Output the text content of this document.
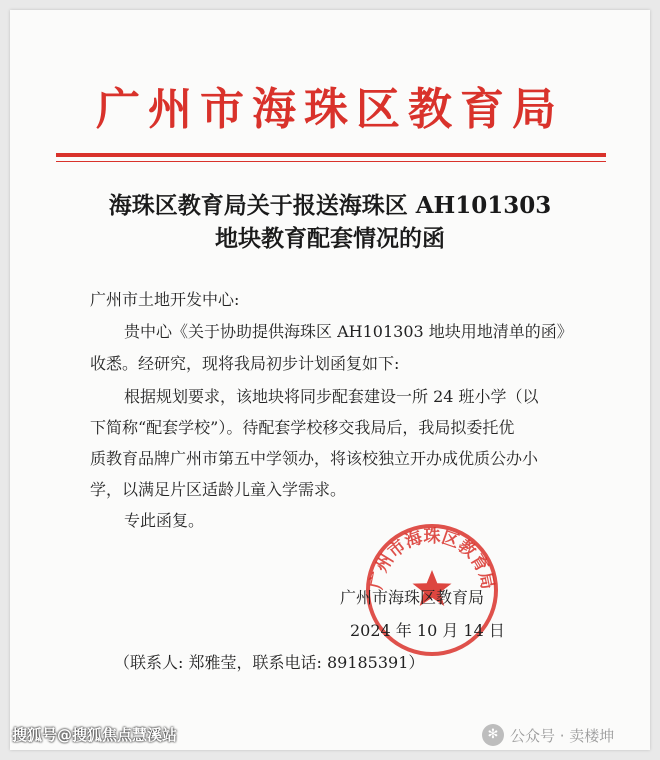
广州市海珠区教育局
海珠区教育局关于报送海珠区 AH101303
地块教育配套情况的函
广州市土地开发中心:
贵中心《关于协助提供海珠区 AH101303 地块用地清单的函》
收悉。经研究，现将我局初步计划函复如下:
根据规划要求，该地块将同步配套建设一所 24 班小学（以
下简称“配套学校”）。待配套学校移交我局后，我局拟委托优
质教育品牌广州市第五中学领办，将该校独立开办成优质公办小
学，以满足片区适龄儿童入学需求。
专此函复。
广州市海珠区教育局
广州市海珠区教育局
2024 年 10 月 14 日
（联系人: 郑雅莹，联系电话: 89185391）
搜狐号@搜狐焦点慧溪站	✻ 公众号 · 卖楼坤
